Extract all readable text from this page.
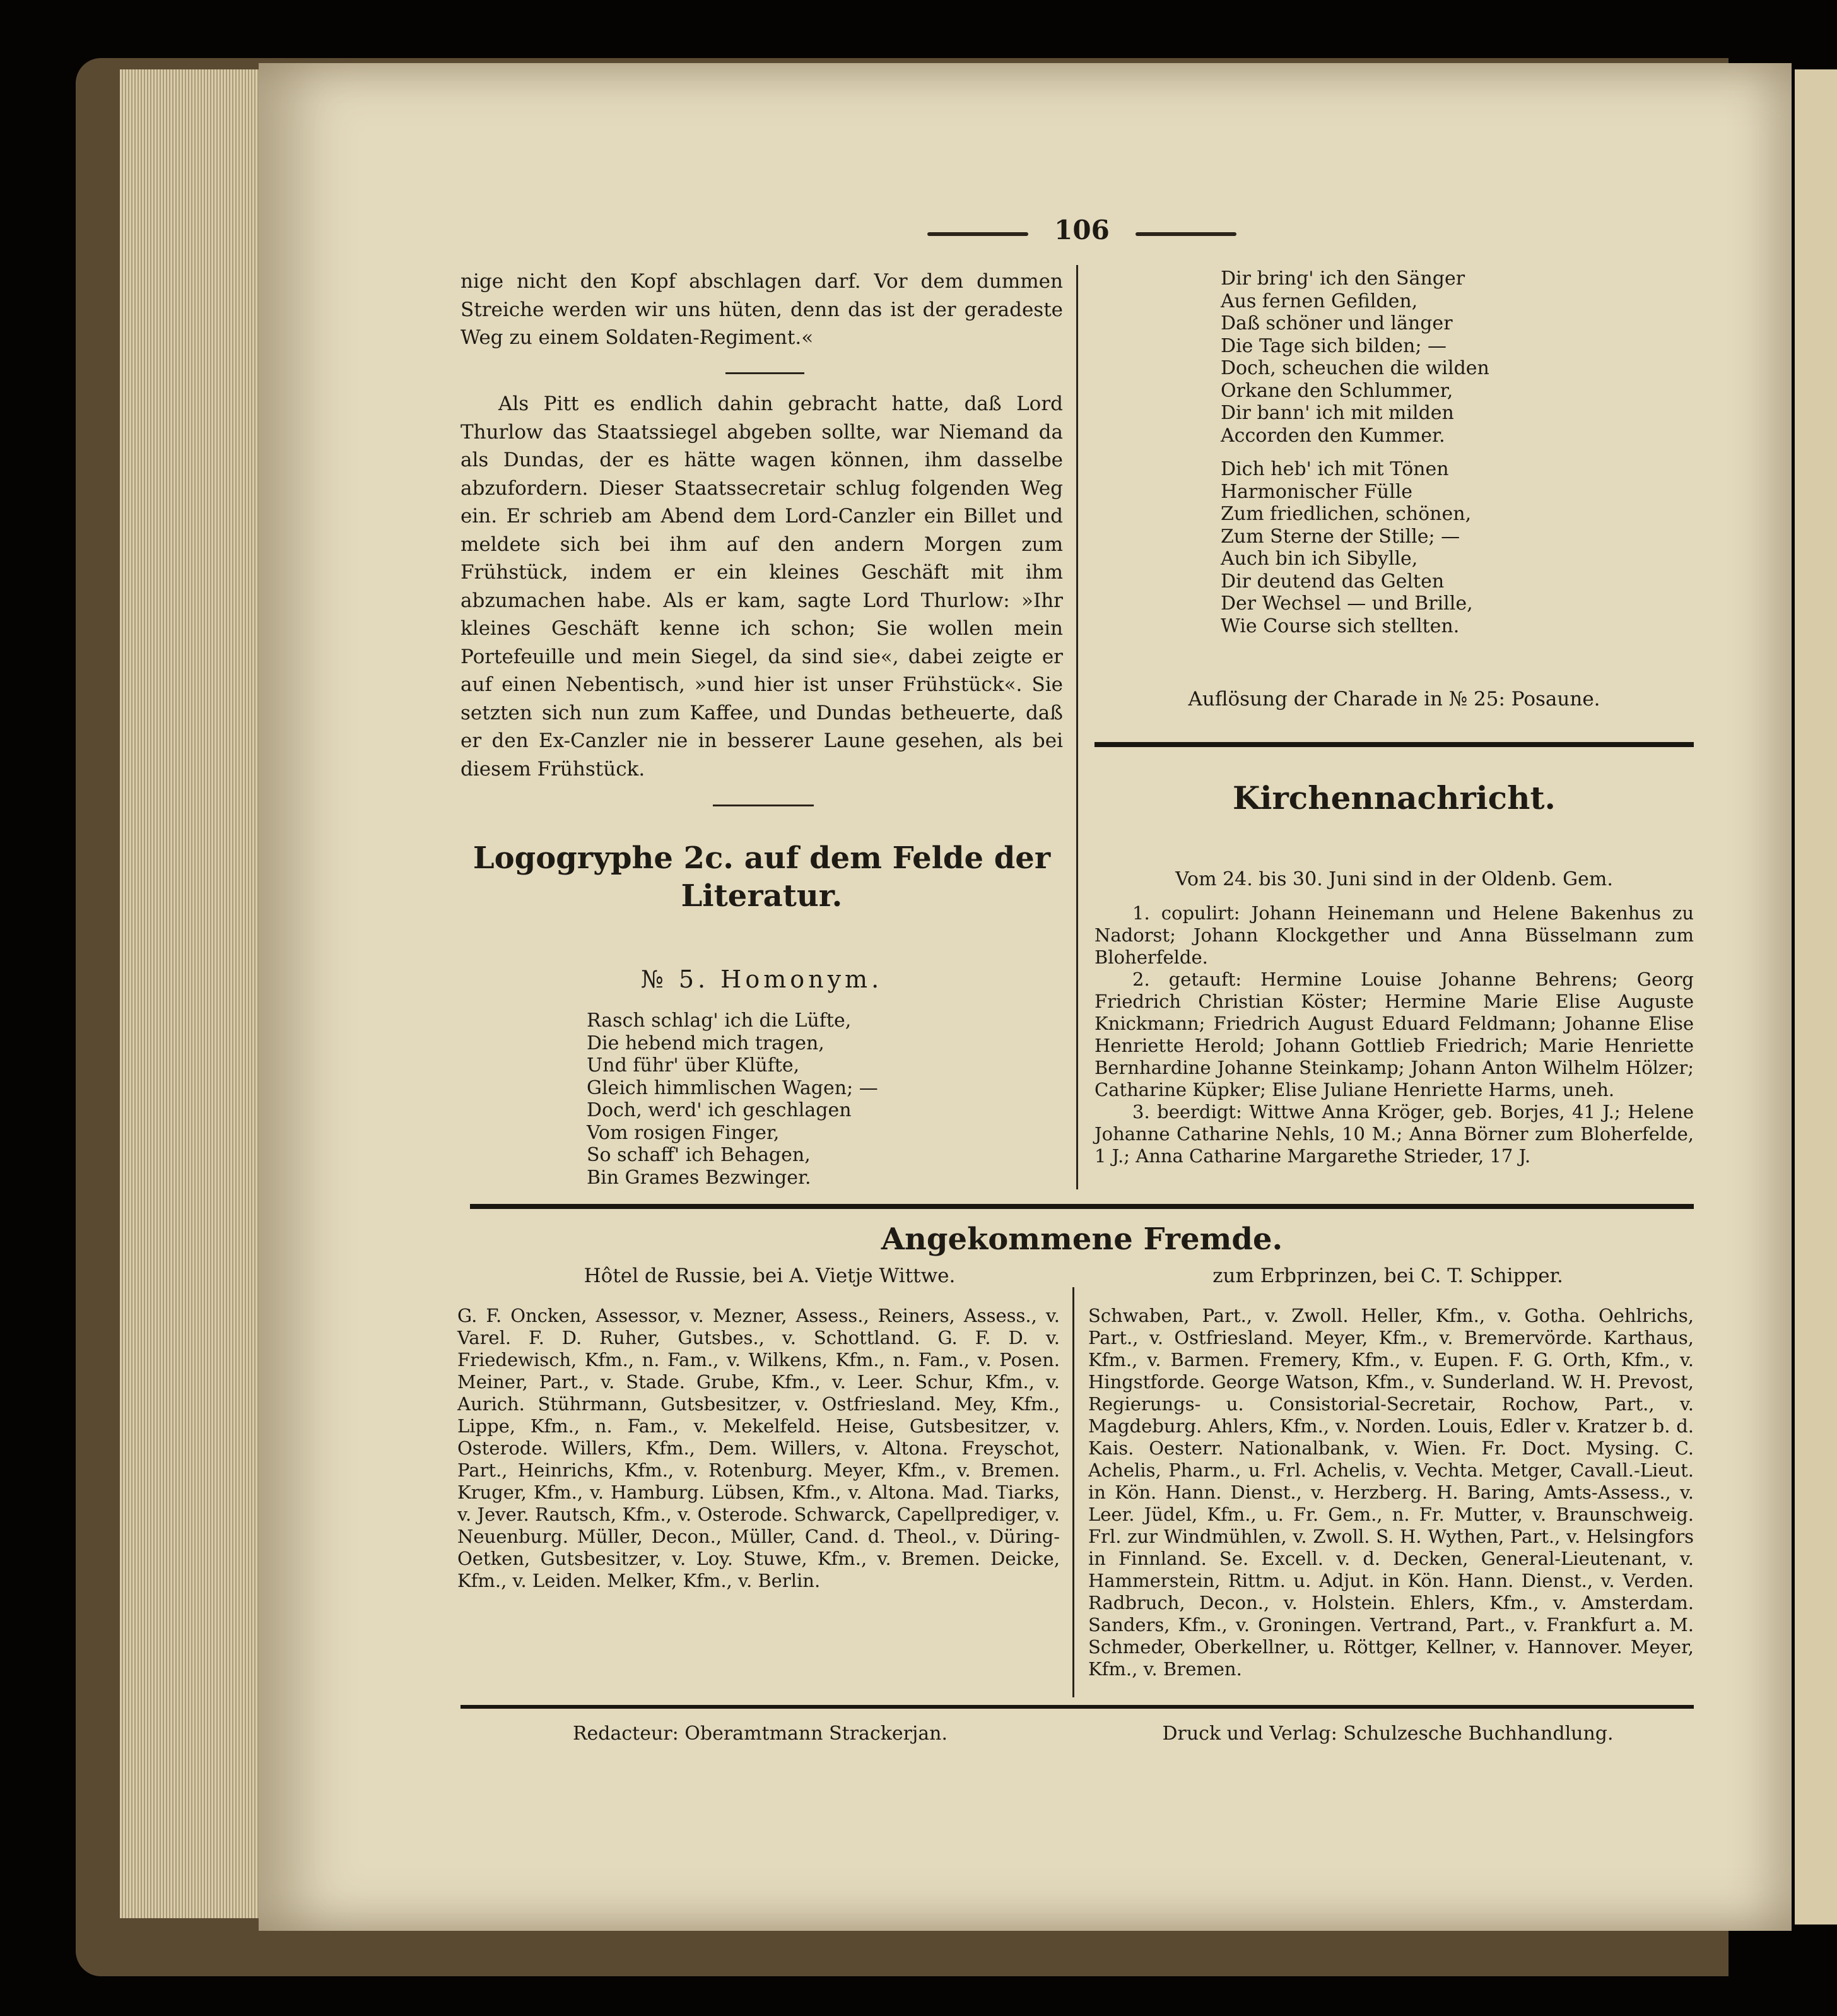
106

nige nicht den Kopf abschlagen darf. Vor dem dummen Streiche werden wir uns hüten, denn das ist der geradeste Weg zu einem Soldaten-Regiment.«

Als Pitt es endlich dahin gebracht hatte, daß Lord Thurlow das Staatssiegel abgeben sollte, war Niemand da als Dundas, der es hätte wagen können, ihm dasselbe abzufordern. Dieser Staatssecretair schlug folgenden Weg ein. Er schrieb am Abend dem Lord-Canzler ein Billet und meldete sich bei ihm auf den andern Morgen zum Frühstück, indem er ein kleines Geschäft mit ihm abzumachen habe. Als er kam, sagte Lord Thurlow: »Ihr kleines Geschäft kenne ich schon; Sie wollen mein Portefeuille und mein Siegel, da sind sie«, dabei zeigte er auf einen Nebentisch, »und hier ist unser Frühstück«. Sie setzten sich nun zum Kaffee, und Dundas betheuerte, daß er den Ex-Canzler nie in besserer Laune gesehen, als bei diesem Frühstück.

Logogryphe 2c. auf dem Felde der
Literatur.
№ 5. Homonym.
Rasch schlag' ich die Lüfte,
Die hebend mich tragen,
Und führ' über Klüfte,
Gleich himmlischen Wagen; —
Doch, werd' ich geschlagen
Vom rosigen Finger,
So schaff' ich Behagen,
Bin Grames Bezwinger.
Dir bring' ich den Sänger
Aus fernen Gefilden,
Daß schöner und länger
Die Tage sich bilden; —
Doch, scheuchen die wilden
Orkane den Schlummer,
Dir bann' ich mit milden
Accorden den Kummer.
Dich heb' ich mit Tönen
Harmonischer Fülle
Zum friedlichen, schönen,
Zum Sterne der Stille; —
Auch bin ich Sibylle,
Dir deutend das Gelten
Der Wechsel — und Brille,
Wie Course sich stellten.
Auflösung der Charade in № 25: Posaune.
Kirchennachricht.
Vom 24. bis 30. Juni sind in der Oldenb. Gem.

1. copulirt: Johann Heinemann und Helene Bakenhus zu Nadorst; Johann Klockgether und Anna Büsselmann zum Bloherfelde.

2. getauft: Hermine Louise Johanne Behrens; Georg Friedrich Christian Köster; Hermine Marie Elise Auguste Knickmann; Friedrich August Eduard Feldmann; Johanne Elise Henriette Herold; Johann Gottlieb Friedrich; Marie Henriette Bernhardine Johanne Steinkamp; Johann Anton Wilhelm Hölzer; Catharine Küpker; Elise Juliane Henriette Harms, uneh.

3. beerdigt: Wittwe Anna Kröger, geb. Borjes, 41 J.; Helene Johanne Catharine Nehls, 10 M.; Anna Börner zum Bloherfelde, 1 J.; Anna Catharine Margarethe Strieder, 17 J.

Angekommene Fremde.
Hôtel de Russie, bei A. Vietje Wittwe.	zum Erbprinzen, bei C. T. Schipper.

G. F. Oncken, Assessor, v. Mezner, Assess., Reiners, Assess., v. Varel. F. D. Ruher, Gutsbes., v. Schottland. G. F. D. v. Friedewisch, Kfm., n. Fam., v. Wilkens, Kfm., n. Fam., v. Posen. Meiner, Part., v. Stade. Grube, Kfm., v. Leer. Schur, Kfm., v. Aurich. Stührmann, Gutsbesitzer, v. Ostfriesland. Mey, Kfm., Lippe, Kfm., n. Fam., v. Mekelfeld. Heise, Gutsbesitzer, v. Osterode. Willers, Kfm., Dem. Willers, v. Altona. Freyschot, Part., Heinrichs, Kfm., v. Rotenburg. Meyer, Kfm., v. Bremen. Kruger, Kfm., v. Hamburg. Lübsen, Kfm., v. Altona. Mad. Tiarks, v. Jever. Rautsch, Kfm., v. Osterode. Schwarck, Capellprediger, v. Neuenburg. Müller, Decon., Müller, Cand. d. Theol., v. Düring-Oetken, Gutsbesitzer, v. Loy. Stuwe, Kfm., v. Bremen. Deicke, Kfm., v. Leiden. Melker, Kfm., v. Berlin.

Schwaben, Part., v. Zwoll. Heller, Kfm., v. Gotha. Oehlrichs, Part., v. Ostfriesland. Meyer, Kfm., v. Bremervörde. Karthaus, Kfm., v. Barmen. Fremery, Kfm., v. Eupen. F. G. Orth, Kfm., v. Hingstforde. George Watson, Kfm., v. Sunderland. W. H. Prevost, Regierungs- u. Consistorial-Secretair, Rochow, Part., v. Magdeburg. Ahlers, Kfm., v. Norden. Louis, Edler v. Kratzer b. d. Kais. Oesterr. Nationalbank, v. Wien. Fr. Doct. Mysing. C. Achelis, Pharm., u. Frl. Achelis, v. Vechta. Metger, Cavall.-Lieut. in Kön. Hann. Dienst., v. Herzberg. H. Baring, Amts-Assess., v. Leer. Jüdel, Kfm., u. Fr. Gem., n. Fr. Mutter, v. Braunschweig. Frl. zur Windmühlen, v. Zwoll. S. H. Wythen, Part., v. Helsingfors in Finnland. Se. Excell. v. d. Decken, General-Lieutenant, v. Hammerstein, Rittm. u. Adjut. in Kön. Hann. Dienst., v. Verden. Radbruch, Decon., v. Holstein. Ehlers, Kfm., v. Amsterdam. Sanders, Kfm., v. Groningen. Vertrand, Part., v. Frankfurt a. M. Schmeder, Oberkellner, u. Röttger, Kellner, v. Hannover. Meyer, Kfm., v. Bremen.

Redacteur: Oberamtmann Strackerjan.	Druck und Verlag: Schulzesche Buchhandlung.
